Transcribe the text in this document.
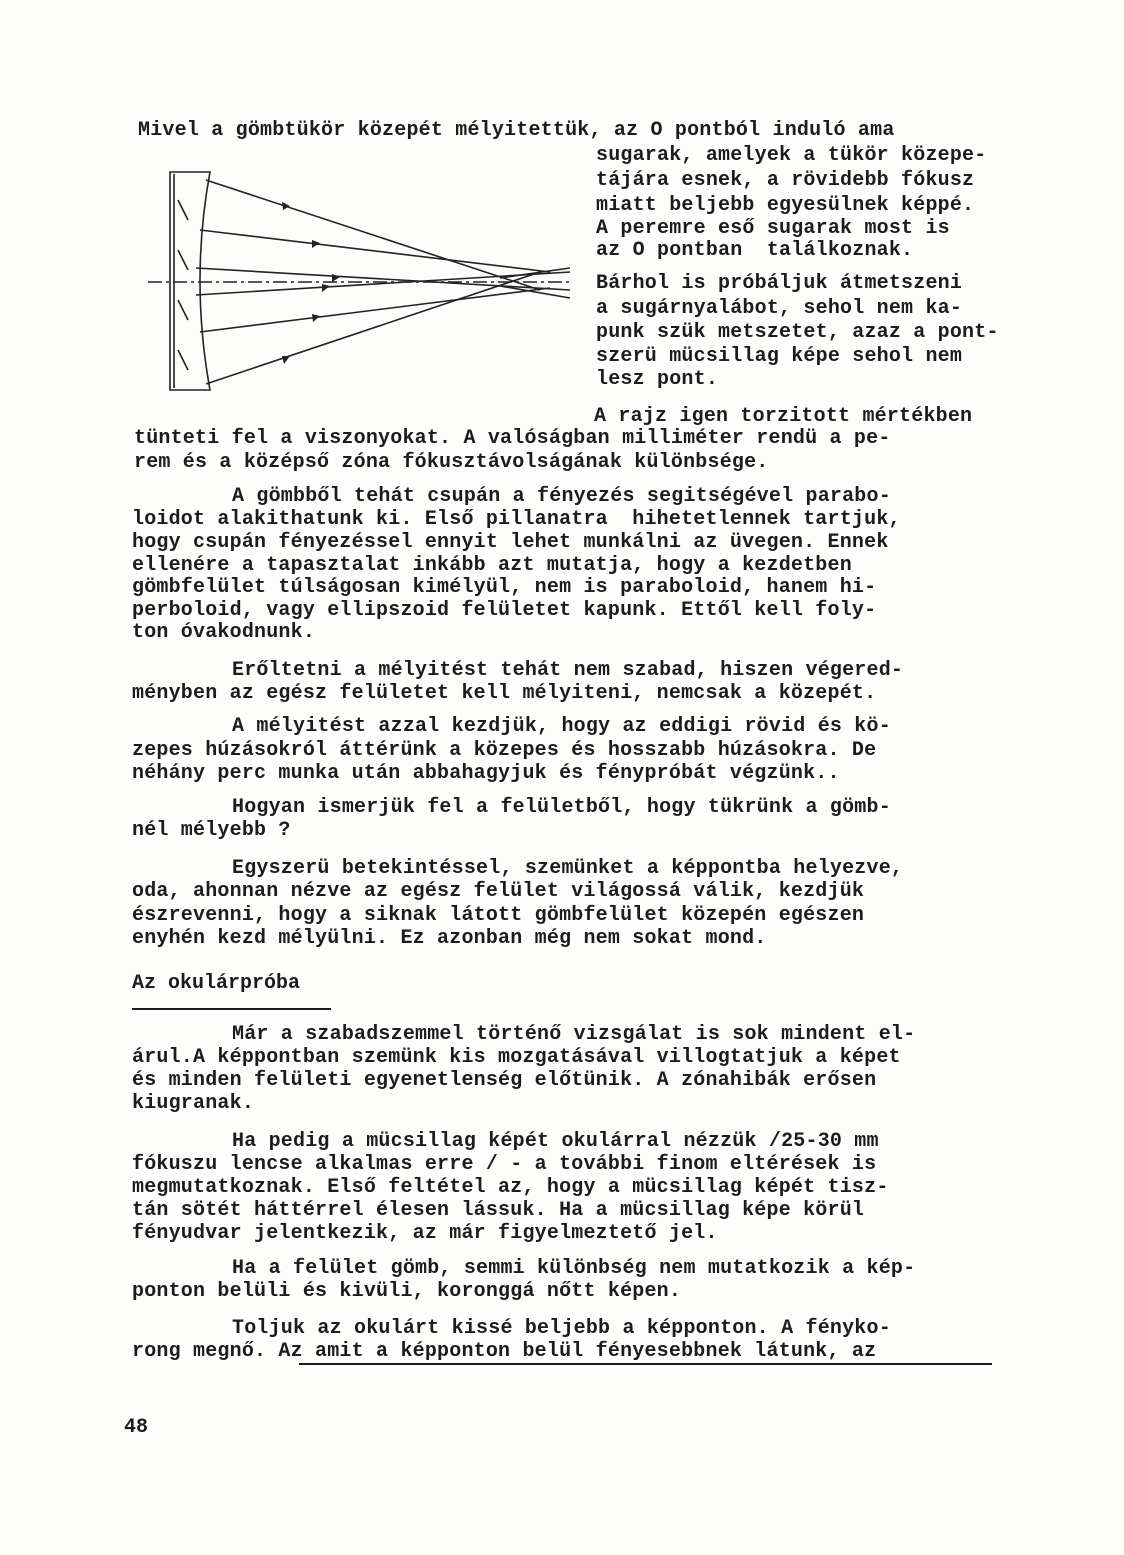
Mivel a gömbtükör közepét mélyitettük, az O pontból induló ama
sugarak, amelyek a tükör közepe-
tájára esnek, a rövidebb fókusz
miatt beljebb egyesülnek képpé.
A peremre eső sugarak most is
az O pontban  találkoznak.
Bárhol is próbáljuk átmetszeni
a sugárnyalábot, sehol nem ka-
punk szük metszetet, azaz a pont-
szerü mücsillag képe sehol nem
lesz pont.
A rajz igen torzitott mértékben
tünteti fel a viszonyokat. A valóságban milliméter rendü a pe-
rem és a középső zóna fókusztávolságának különbsége.
A gömbből tehát csupán a fényezés segitségével parabo-
loidot alakithatunk ki. Első pillanatra  hihetetlennek tartjuk,
hogy csupán fényezéssel ennyit lehet munkálni az üvegen. Ennek
ellenére a tapasztalat inkább azt mutatja, hogy a kezdetben
gömbfelület túlságosan kimélyül, nem is paraboloid, hanem hi-
perboloid, vagy ellipszoid felületet kapunk. Ettől kell foly-
ton óvakodnunk.
Erőltetni a mélyitést tehát nem szabad, hiszen végered-
ményben az egész felületet kell mélyiteni, nemcsak a közepét.
A mélyitést azzal kezdjük, hogy az eddigi rövid és kö-
zepes húzásokról áttérünk a közepes és hosszabb húzásokra. De
néhány perc munka után abbahagyjuk és fénypróbát végzünk..
Hogyan ismerjük fel a felületből, hogy tükrünk a gömb-
nél mélyebb ?
Egyszerü betekintéssel, szemünket a képpontba helyezve,
oda, ahonnan nézve az egész felület világossá válik, kezdjük
észrevenni, hogy a siknak látott gömbfelület közepén egészen
enyhén kezd mélyülni. Ez azonban még nem sokat mond.
Az okulárpróba
Már a szabadszemmel történő vizsgálat is sok mindent el-
árul.A képpontban szemünk kis mozgatásával villogtatjuk a képet
és minden felületi egyenetlenség előtünik. A zónahibák erősen
kiugranak.
Ha pedig a mücsillag képét okulárral nézzük /25-30 mm
fókuszu lencse alkalmas erre / - a további finom eltérések is
megmutatkoznak. Első feltétel az, hogy a mücsillag képét tisz-
tán sötét háttérrel élesen lássuk. Ha a mücsillag képe körül
fényudvar jelentkezik, az már figyelmeztető jel.
Ha a felület gömb, semmi különbség nem mutatkozik a kép-
ponton belüli és kivüli, koronggá nőtt képen.
Toljuk az okulárt kissé beljebb a képponton. A fényko-
rong megnő. Az amit a képponton belül fényesebbnek látunk, az
48
